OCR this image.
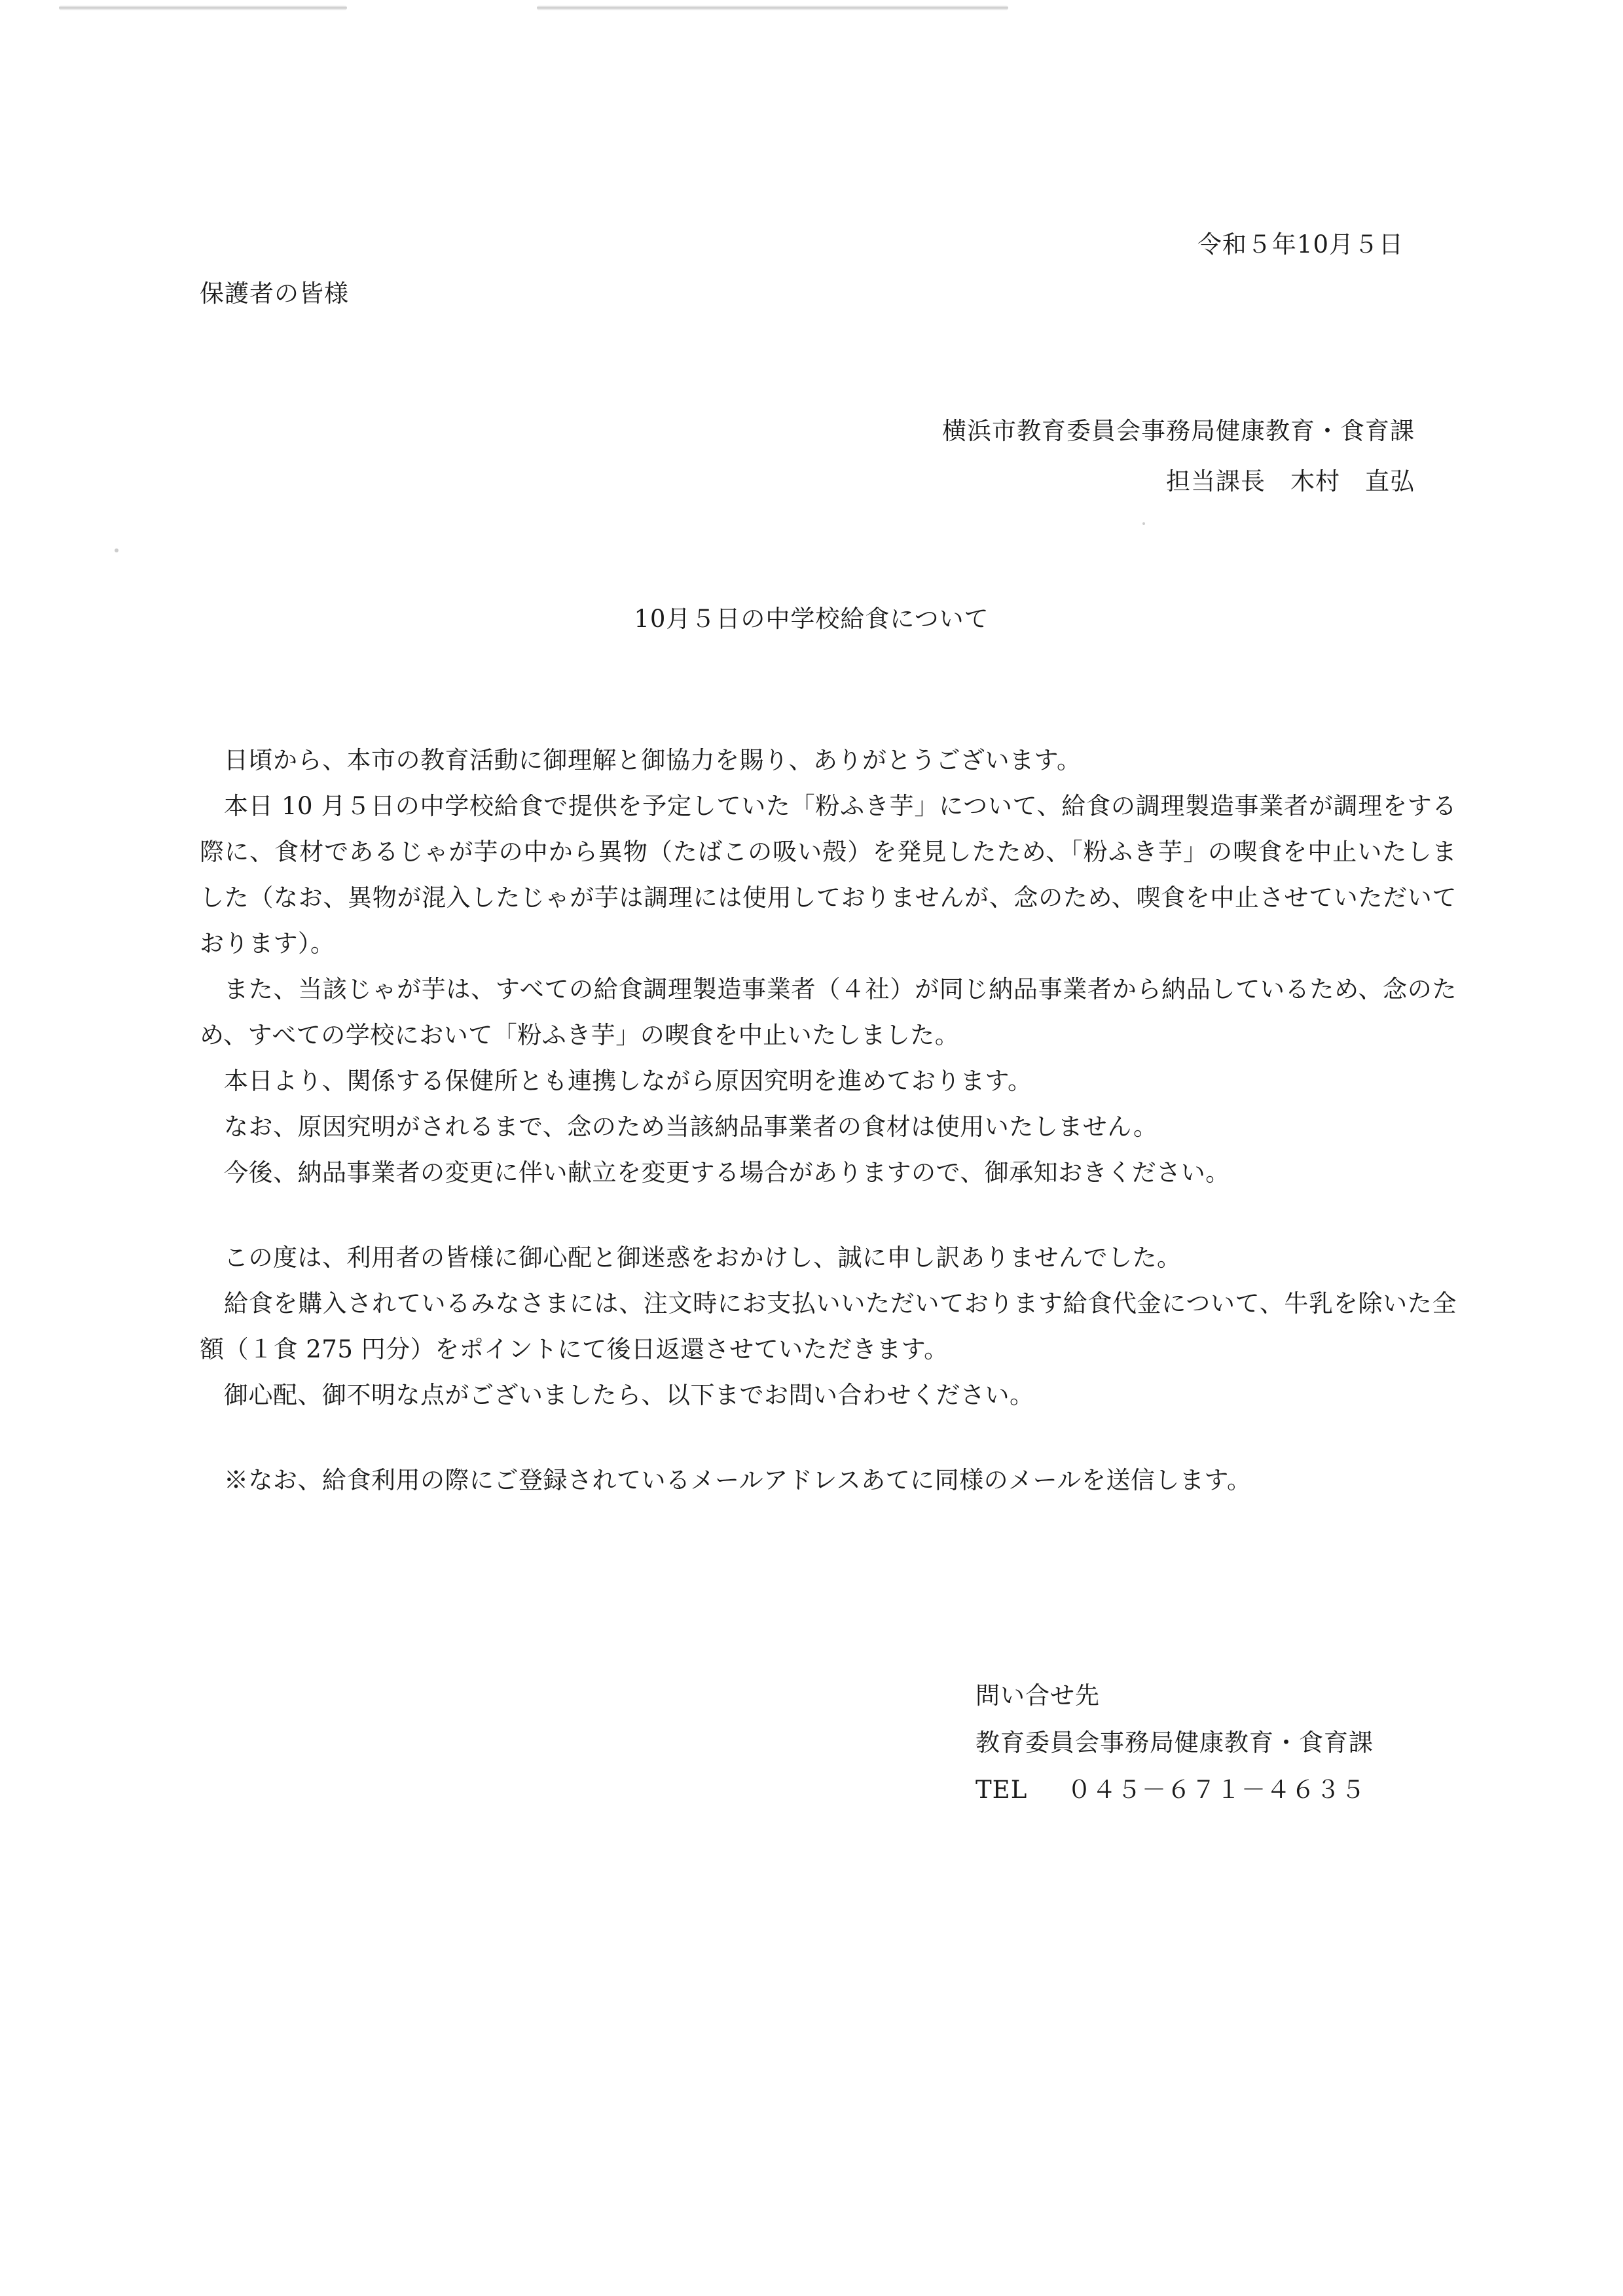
令和５年10月５日
保護者の皆様
横浜市教育委員会事務局健康教育・食育課
担当課長　木村　直弘
10月５日の中学校給食について

日頃から、本市の教育活動に御理解と御協力を賜り、ありがとうございます。

本日 10 月５日の中学校給食で提供を予定していた「粉ふき芋」について、給食の調理製造事業者が調理をする際に、食材であるじゃが芋の中から異物（たばこの吸い殻）を発見したため、「粉ふき芋」の喫食を中止いたしました（なお、異物が混入したじゃが芋は調理には使用しておりませんが、念のため、喫食を中止させていただいております）。

また、当該じゃが芋は、すべての給食調理製造事業者（４社）が同じ納品事業者から納品しているため、念のため、すべての学校において「粉ふき芋」の喫食を中止いたしました。

本日より、関係する保健所とも連携しながら原因究明を進めております。

なお、原因究明がされるまで、念のため当該納品事業者の食材は使用いたしません。

今後、納品事業者の変更に伴い献立を変更する場合がありますので、御承知おきください。

この度は、利用者の皆様に御心配と御迷惑をおかけし、誠に申し訳ありませんでした。

給食を購入されているみなさまには、注文時にお支払いいただいております給食代金について、牛乳を除いた全額（１食 275 円分）をポイントにて後日返還させていただきます。

御心配、御不明な点がございましたら、以下までお問い合わせください。

※なお、給食利用の際にご登録されているメールアドレスあてに同様のメールを送信します。

問い合せ先
教育委員会事務局健康教育・食育課
TEL ０４５－６７１－４６３５
